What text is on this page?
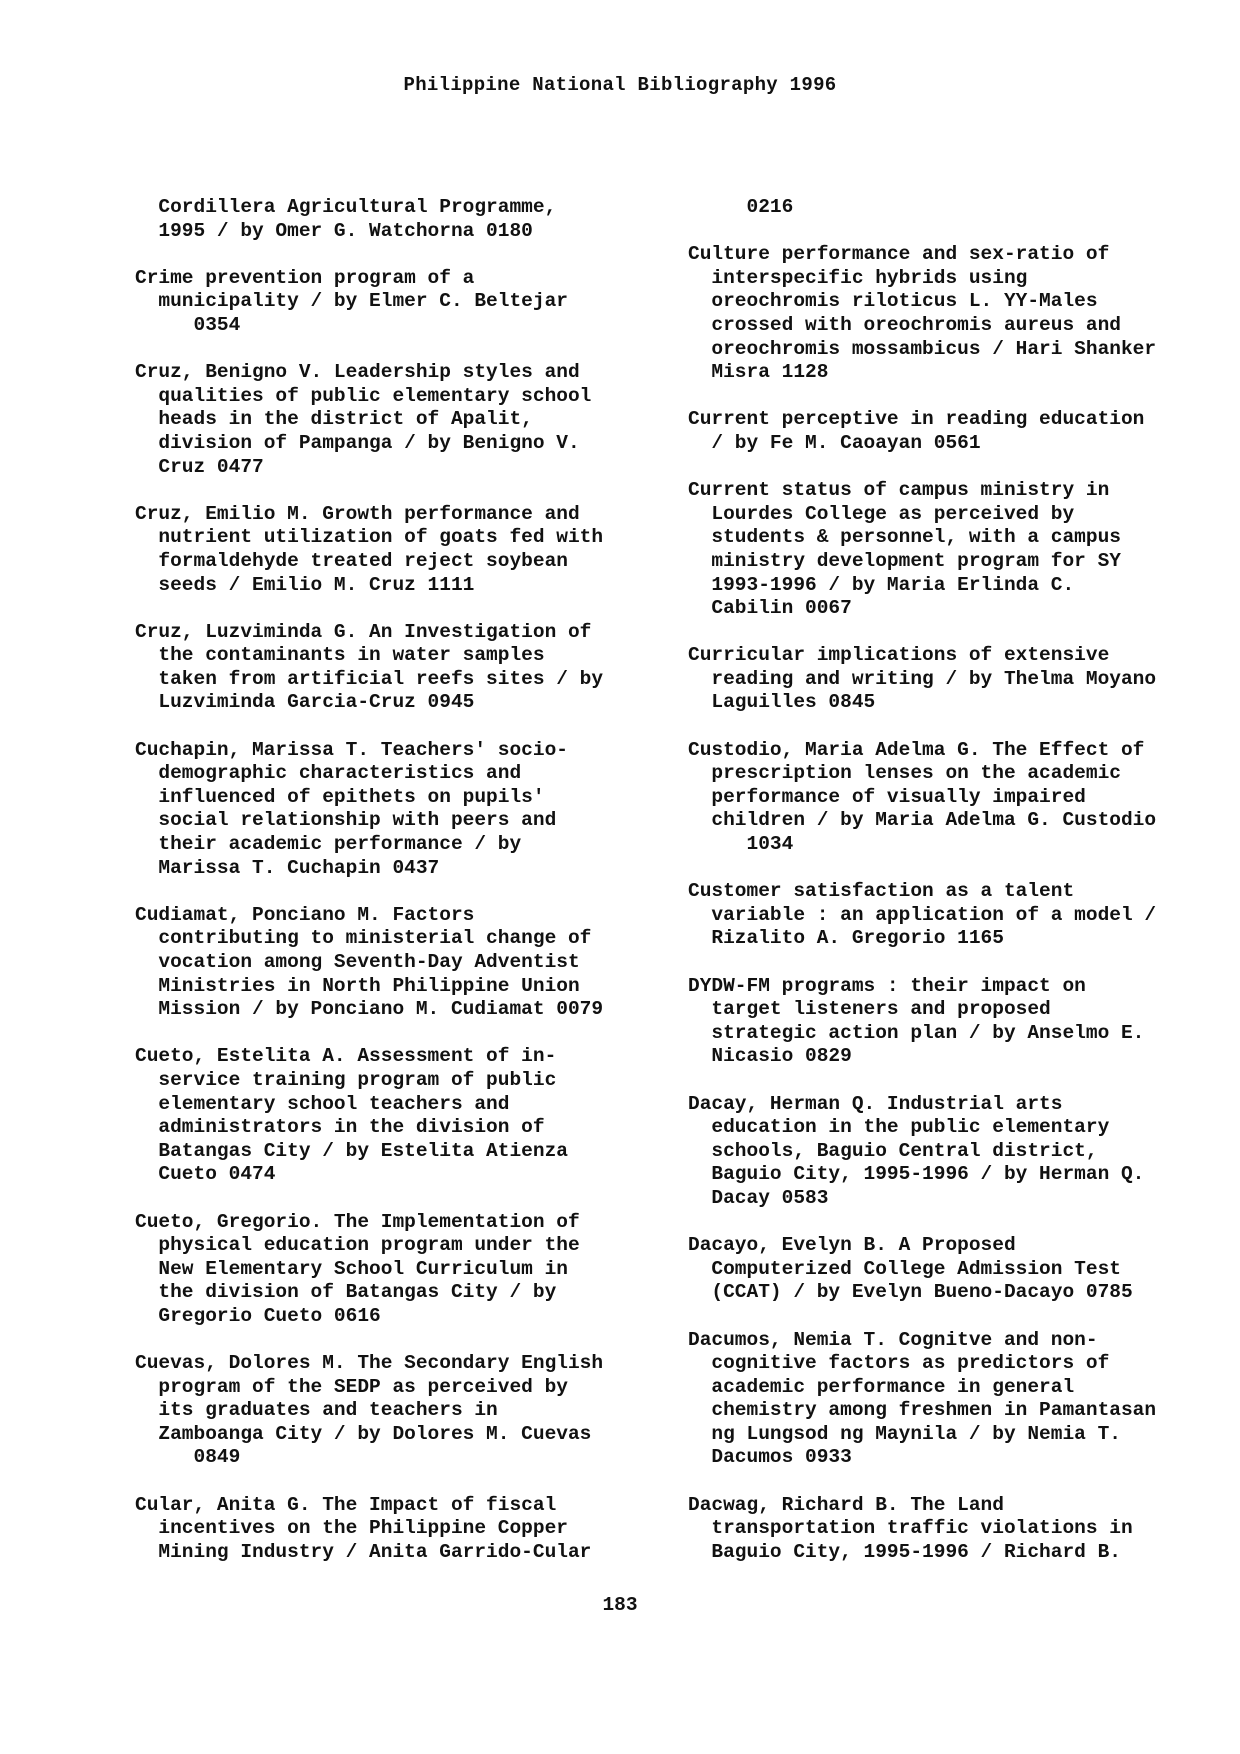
Philippine National Bibliography 1996
Cordillera Agricultural Programme,
1995 / by Omer G. Watchorna 0180
Crime prevention program of a
municipality / by Elmer C. Beltejar
0354
Cruz, Benigno V. Leadership styles and
qualities of public elementary school
heads in the district of Apalit,
division of Pampanga / by Benigno V.
Cruz 0477
Cruz, Emilio M. Growth performance and
nutrient utilization of goats fed with
formaldehyde treated reject soybean
seeds / Emilio M. Cruz 1111
Cruz, Luzviminda G. An Investigation of
the contaminants in water samples
taken from artificial reefs sites / by
Luzviminda Garcia-Cruz 0945
Cuchapin, Marissa T. Teachers' socio-
demographic characteristics and
influenced of epithets on pupils'
social relationship with peers and
their academic performance / by
Marissa T. Cuchapin 0437
Cudiamat, Ponciano M. Factors
contributing to ministerial change of
vocation among Seventh-Day Adventist
Ministries in North Philippine Union
Mission / by Ponciano M. Cudiamat 0079
Cueto, Estelita A. Assessment of in-
service training program of public
elementary school teachers and
administrators in the division of
Batangas City / by Estelita Atienza
Cueto 0474
Cueto, Gregorio. The Implementation of
physical education program under the
New Elementary School Curriculum in
the division of Batangas City / by
Gregorio Cueto 0616
Cuevas, Dolores M. The Secondary English
program of the SEDP as perceived by
its graduates and teachers in
Zamboanga City / by Dolores M. Cuevas
0849
Cular, Anita G. The Impact of fiscal
incentives on the Philippine Copper
Mining Industry / Anita Garrido-Cular
0216
Culture performance and sex-ratio of
interspecific hybrids using
oreochromis riloticus L. YY-Males
crossed with oreochromis aureus and
oreochromis mossambicus / Hari Shanker
Misra 1128
Current perceptive in reading education
/ by Fe M. Caoayan 0561
Current status of campus ministry in
Lourdes College as perceived by
students & personnel, with a campus
ministry development program for SY
1993-1996 / by Maria Erlinda C.
Cabilin 0067
Curricular implications of extensive
reading and writing / by Thelma Moyano
Laguilles 0845
Custodio, Maria Adelma G. The Effect of
prescription lenses on the academic
performance of visually impaired
children / by Maria Adelma G. Custodio
1034
Customer satisfaction as a talent
variable : an application of a model /
Rizalito A. Gregorio 1165
DYDW-FM programs : their impact on
target listeners and proposed
strategic action plan / by Anselmo E.
Nicasio 0829
Dacay, Herman Q. Industrial arts
education in the public elementary
schools, Baguio Central district,
Baguio City, 1995-1996 / by Herman Q.
Dacay 0583
Dacayo, Evelyn B. A Proposed
Computerized College Admission Test
(CCAT) / by Evelyn Bueno-Dacayo 0785
Dacumos, Nemia T. Cognitve and non-
cognitive factors as predictors of
academic performance in general
chemistry among freshmen in Pamantasan
ng Lungsod ng Maynila / by Nemia T.
Dacumos 0933
Dacwag, Richard B. The Land
transportation traffic violations in
Baguio City, 1995-1996 / Richard B.
183
